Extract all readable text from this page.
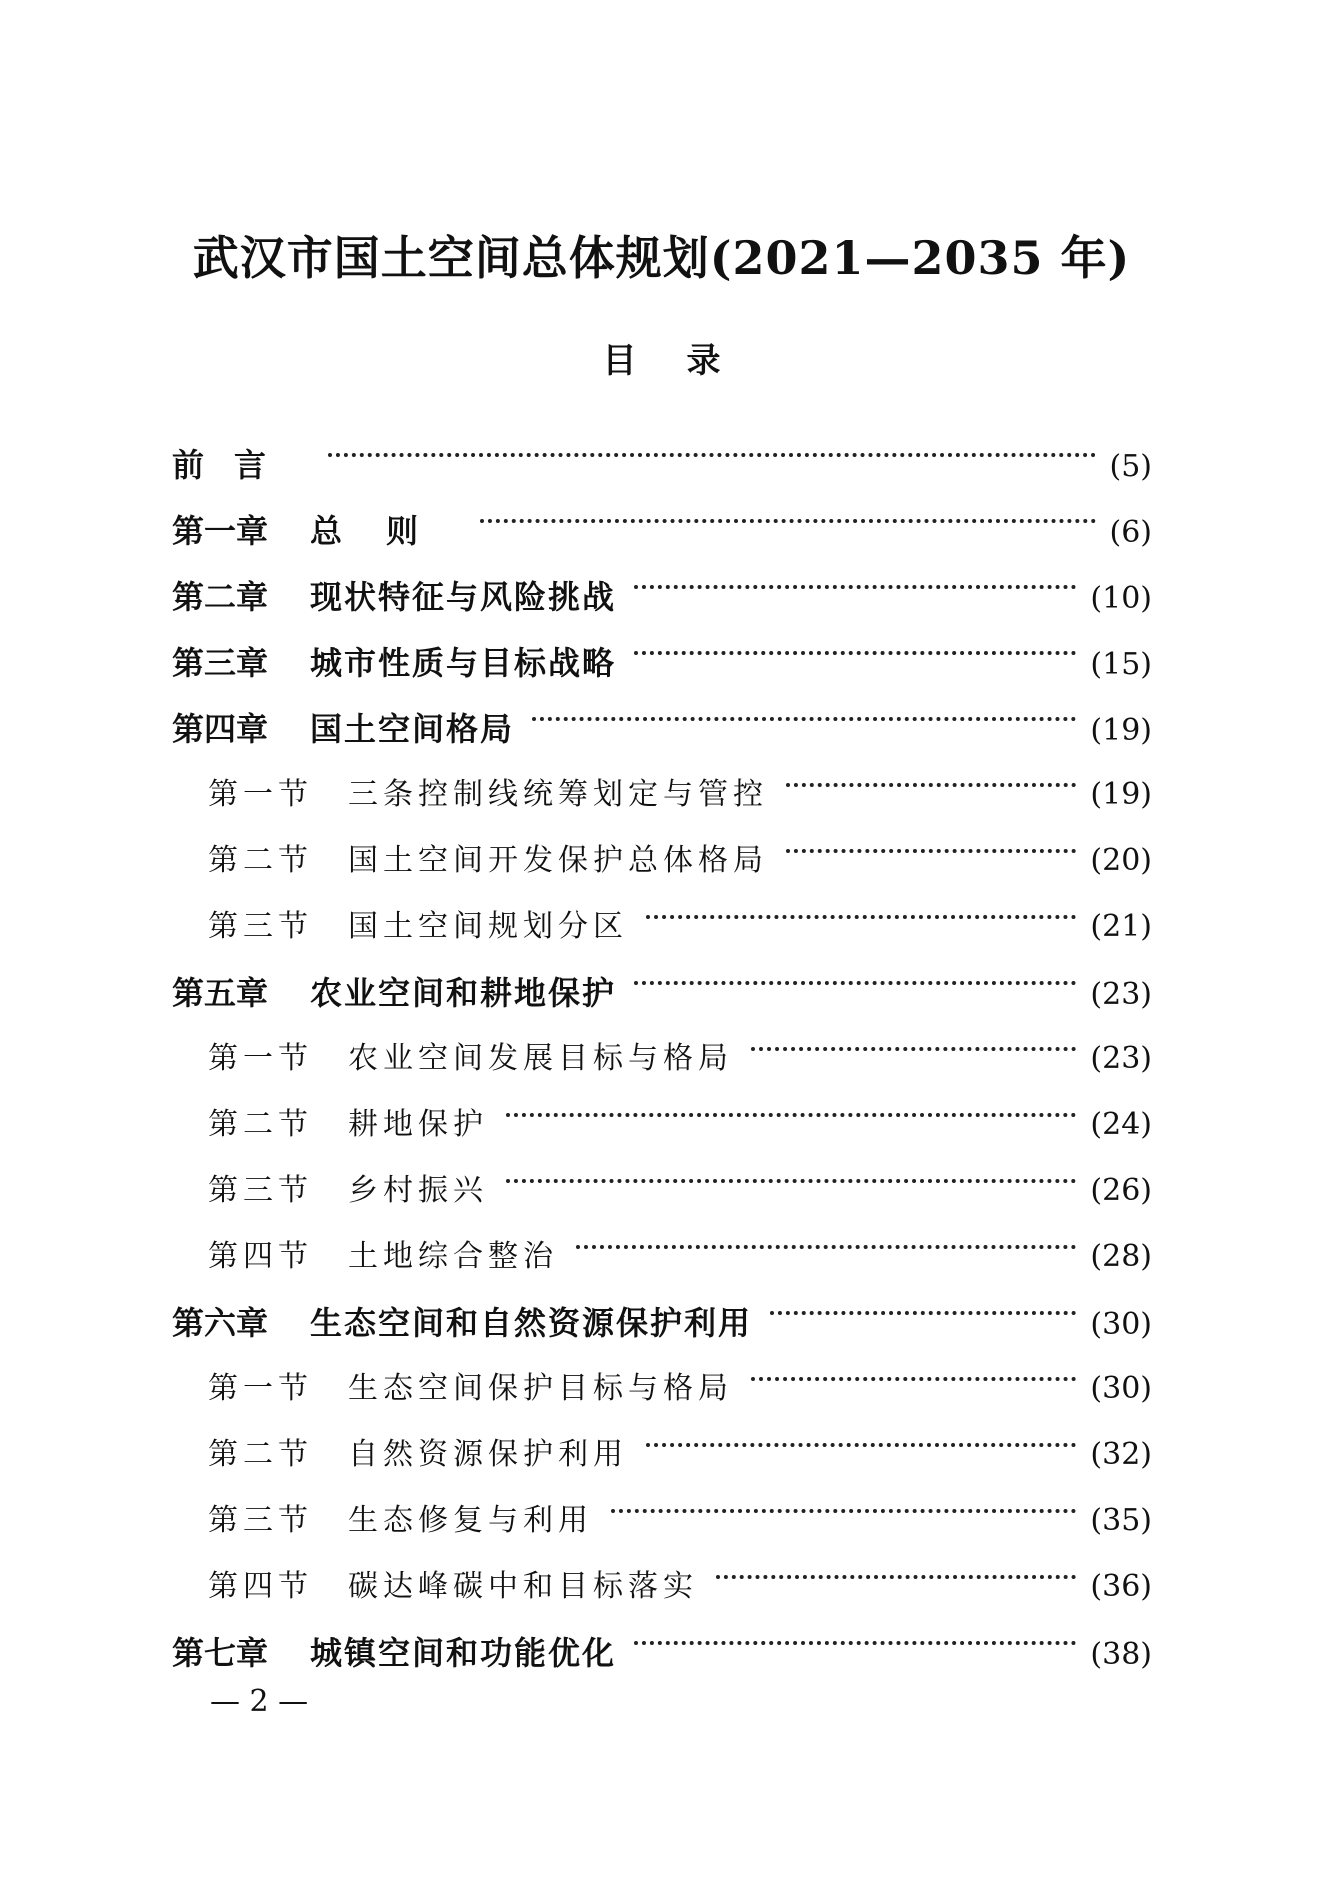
武汉市国土空间总体规划(2021—2035 年)
目录
前言	(5)
第一章	总则	(6)
第二章	现状特征与风险挑战	(10)
第三章	城市性质与目标战略	(15)
第四章	国土空间格局	(19)
第一节	三条控制线统筹划定与管控	(19)
第二节	国土空间开发保护总体格局	(20)
第三节	国土空间规划分区	(21)
第五章	农业空间和耕地保护	(23)
第一节	农业空间发展目标与格局	(23)
第二节	耕地保护	(24)
第三节	乡村振兴	(26)
第四节	土地综合整治	(28)
第六章	生态空间和自然资源保护利用	(30)
第一节	生态空间保护目标与格局	(30)
第二节	自然资源保护利用	(32)
第三节	生态修复与利用	(35)
第四节	碳达峰碳中和目标落实	(36)
第七章	城镇空间和功能优化	(38)
— 2 —
